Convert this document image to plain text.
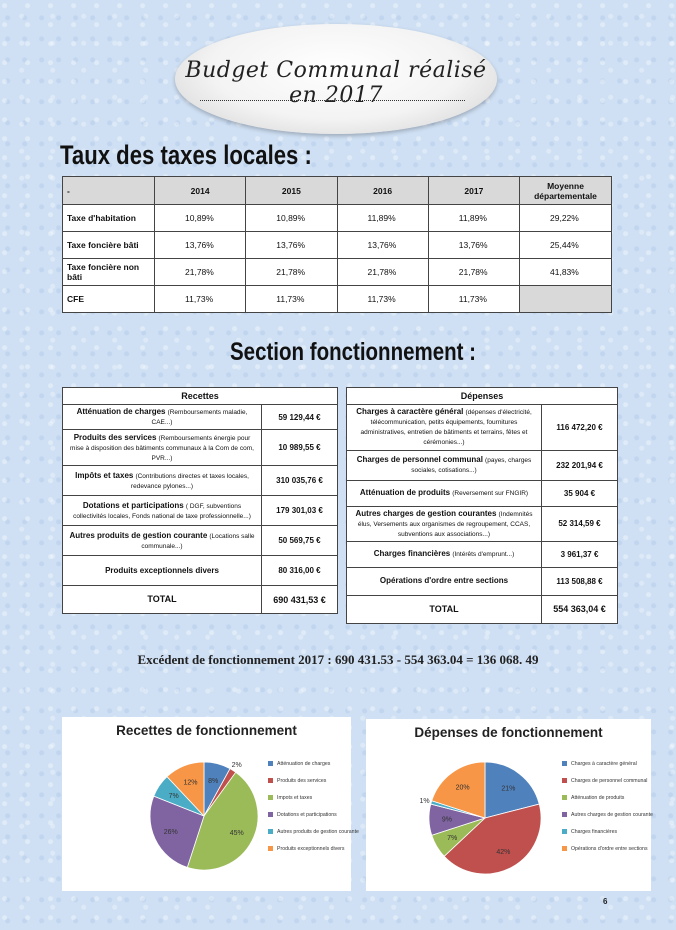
Budget Communal réalisé en 2017
Taux des taxes locales :
-	2014	2015	2016	2017	Moyenne départementale
Taxe d'habitation	10,89%	10,89%	11,89%	11,89%	29,22%
Taxe foncière bâti	13,76%	13,76%	13,76%	13,76%	25,44%
Taxe foncière non bâti	21,78%	21,78%	21,78%	21,78%	41,83%
CFE	11,73%	11,73%	11,73%	11,73%	
Section fonctionnement :
Recettes	
Atténuation de charges (Remboursements maladie, CAE...)	59 129,44 €
Produits des services (Remboursements énergie pour mise à disposition des bâtiments communaux à la Com de com, PVR...)	10 989,55 €
Impôts et taxes (Contributions directes et taxes locales, redevance pylones...)	310 035,76 €
Dotations et participations ( DGF, subventions collectivités locales, Fonds national de taxe professionnelle...)	179 301,03 €
Autres produits de gestion courante (Locations salle communale...)	50 569,75 €
Produits exceptionnels divers	80 316,00 €
TOTAL	690 431,53 €
Dépenses	
Charges à caractère général (dépenses d'électricité, télécommunication, petits équipements, fournitures administratives, entretien de bâtiments et terrains, fêtes et cérémonies...)	116 472,20 €
Charges de personnel communal (payes, charges sociales, cotisations...)	232 201,94 €
Atténuation de produits (Reversement sur FNGIR)	35 904 €
Autres charges de gestion courantes (Indemnités élus, Versements aux organismes de regroupement, CCAS, subventions aux associations...)	52 314,59 €
Charges financières (Intérêts d'emprunt...)	3 961,37 €
Opérations d'ordre entre sections	113 508,88 €
TOTAL	554 363,04 €
Excédent de fonctionnement 2017 : 690 431.53 - 554 363.04 = 136 068. 49
Recettes de fonctionnement
8%
2%
45%
26%
7%
12%
Atténuation de charges
Produits des services
Impots et taxes
Dotations et participations
Autres produits de gestion courante
Produits exceptionnels divers
Dépenses de fonctionnement
21%
42%
7%
9%
1%
20%
Charges à caractère général
Charges de personnel communal
Atténuation de produits
Autres charges de gestion courante
Charges financières
Opérations d'ordre entre sections
6
